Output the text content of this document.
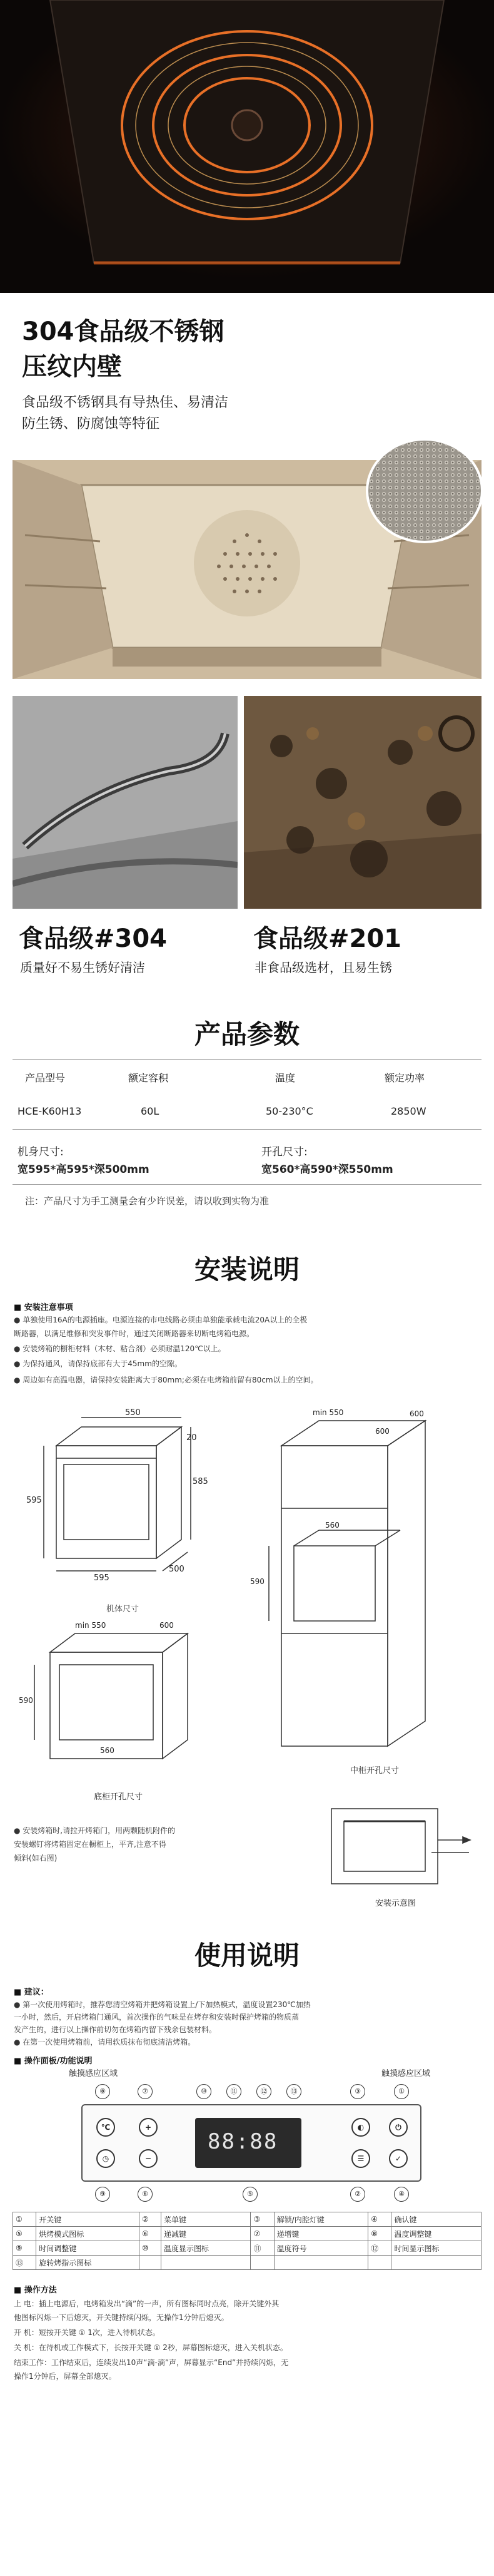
304食品级不锈钢
压纹内壁
食品级不锈钢具有导热佳、易清洁
防生锈、防腐蚀等特征
食品级#304
质量好不易生锈好清洁
食品级#201
非食品级选材，且易生锈
产品参数
产品型号	额定容积	温度	额定功率
HCE-K60H13	60L	50-230°C	2850W
机身尺寸:
宽595*高595*深500mm
开孔尺寸:
宽560*高590*深550mm
注：产品尺寸为手工测量会有少许误差，请以收到实物为准
安装说明
■ 安装注意事项
● 单独使用16A的电源插座。电源连接的市电线路必须由单独能承载电流20A以上的全极
断路器，以满足维修和突发事件时，通过关闭断路器来切断电烤箱电源。
● 安装烤箱的橱柜材料（木材、粘合剂）必须耐温120℃以上。
● 为保持通风，请保持底部有大于45mm的空隙。
● 周边如有高温电器，请保持安装距离大于80mm;必须在电烤箱前留有80cm以上的空间。
550
20
595
585
595
500
机体尺寸
min 550	600
560
600
590
中柜开孔尺寸
min 550	600
560
590
底柜开孔尺寸
● 安装烤箱时,请拉开烤箱门，用两颗随机附件的
安装螺钉将烤箱固定在橱柜上，平齐,注意不得
倾斜(如右图)
安装示意图
使用说明
■ 建议：
● 第一次使用烤箱时，推荐您清空烤箱并把烤箱设置上/下加热模式，温度设置230℃加热
一小时，然后，开启烤箱门通风，首次操作的气味是在烤存和安装时保护烤箱的物质蒸
发产生的，进行以上操作前切勿在烤箱内留下残余包装材料。
● 在第一次使用烤箱前，请用软质抹布彻底清洁烤箱。
■ 操作面板/功能说明
触摸感应区域	触摸感应区域
⑧	⑦	⑩	⑪	⑫	⑬	③	①
℃	+
◷	−
88:88
◐	⏻
☰	✓
⑨	⑥	⑤	②	④
①	开关键	②	菜单键	③	解锁/内腔灯键	④	确认键
⑤	烘烤模式图标	⑥	递减键	⑦	递增键	⑧	温度调整键
⑨	时间调整键	⑩	温度显示图标	⑪	温度符号	⑫	时间显示图标
⑬	旋转烤指示图标						
■ 操作方法
上 电：插上电源后，电烤箱发出“滴”的一声，所有图标同时点亮，除开关键外其
他图标闪烁一下后熄灭，开关键持续闪烁，无操作1分钟后熄灭。
开 机：短按开关键 ① 1次，进入待机状态。
关 机：在待机或工作模式下，长按开关键 ① 2秒，屏幕图标熄灭，进入关机状态。
结束工作：工作结束后，连续发出10声“滴-滴”声，屏幕显示“End”并持续闪烁，无
操作1分钟后，屏幕全部熄灭。
